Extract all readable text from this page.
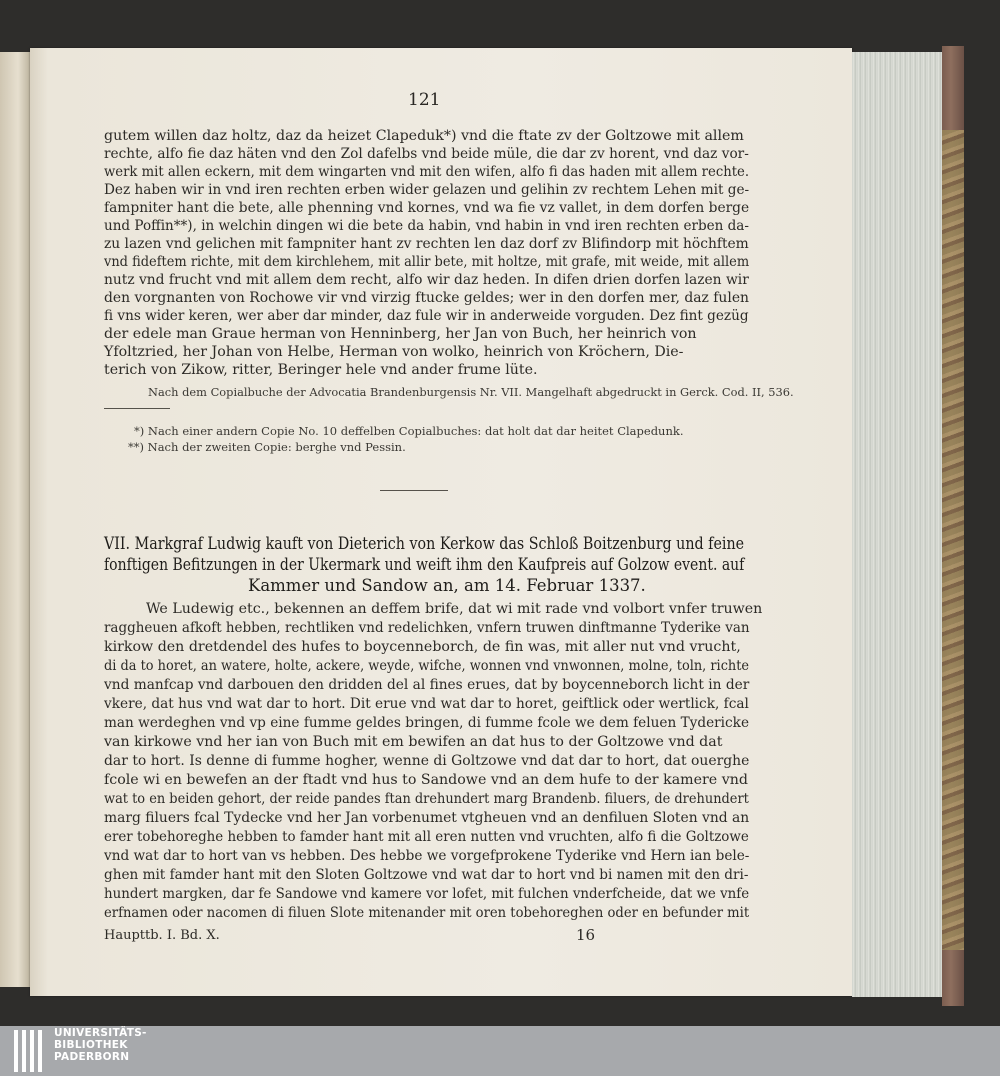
121
gutem willen daz holtz, daz da heizet Clapeduk*) vnd die ftate zv der Goltzowe mit allem
rechte, alfo fie daz häten vnd den Zol dafelbs vnd beide müle, die dar zv horent, vnd daz vor-
werk mit allen eckern, mit dem wingarten vnd mit den wifen, alfo fi das haden mit allem rechte.
Dez haben wir in vnd iren rechten erben wider gelazen und gelihin zv rechtem Lehen mit ge-
fampniter hant die bete, alle phenning vnd kornes, vnd wa fie vz vallet, in dem dorfen berge
und Poffin**), in welchin dingen wi die bete da habin, vnd habin in vnd iren rechten erben da-
zu lazen vnd gelichen mit fampniter hant zv rechten len daz dorf zv Blifindorp mit höchftem
vnd fideftem richte, mit dem kirchlehem, mit allir bete, mit holtze, mit grafe, mit weide, mit allem
nutz vnd frucht vnd mit allem dem recht, alfo wir daz heden. In difen drien dorfen lazen wir
den vorgnanten von Rochowe vir vnd virzig ftucke geldes; wer in den dorfen mer, daz fulen
fi vns wider keren, wer aber dar minder, daz fule wir in anderweide vorguden. Dez fint gezüg
der edele man Graue herman von Henninberg, her Jan von Buch, her heinrich von
Yfoltzried, her Johan von Helbe, Herman von wolko, heinrich von Kröchern, Die-
terich von Zikow, ritter, Beringer hele vnd ander frume lüte.
Nach dem Copialbuche der Advocatia Brandenburgensis Nr. VII. Mangelhaft abgedruckt in Gerck. Cod. II, 536.
*) Nach einer andern Copie No. 10 deffelben Copialbuches: dat holt dat dar heitet Clapedunk.
**) Nach der zweiten Copie: berghe vnd Pessin.
VII. Markgraf Ludwig kauft von Dieterich von Kerkow das Schloß Boitzenburg und feine
fonftigen Befitzungen in der Ukermark und weift ihm den Kaufpreis auf Golzow event. auf
Kammer und Sandow an, am 14. Februar 1337.
We Ludewig etc., bekennen an deffem brife, dat wi mit rade vnd volbort vnfer truwen
raggheuen afkoft hebben, rechtliken vnd redelichken, vnfern truwen dinftmanne Tyderike van
kirkow den dretdendel des hufes to boycenneborch, de fin was, mit aller nut vnd vrucht,
di da to horet, an watere, holte, ackere, weyde, wifche, wonnen vnd vnwonnen, molne, toln, richte
vnd manfcap vnd darbouen den dridden del al fines erues, dat by boycenneborch licht in der
vkere, dat hus vnd wat dar to hort. Dit erue vnd wat dar to horet, geiftlick oder wertlick, fcal
man werdeghen vnd vp eine fumme geldes bringen, di fumme fcole we dem feluen Tydericke
van kirkowe vnd her ian von Buch mit em bewifen an dat hus to der Goltzowe vnd dat
dar to hort. Is denne di fumme hogher, wenne di Goltzowe vnd dat dar to hort, dat ouerghe
fcole wi en bewefen an der ftadt vnd hus to Sandowe vnd an dem hufe to der kamere vnd
wat to en beiden gehort, der reide pandes ftan drehundert marg Brandenb. filuers, de drehundert
marg filuers fcal Tydecke vnd her Jan vorbenumet vtgheuen vnd an denfiluen Sloten vnd an
erer tobehoreghe hebben to famder hant mit all eren nutten vnd vruchten, alfo fi die Goltzowe
vnd wat dar to hort van vs hebben. Des hebbe we vorgefprokene Tyderike vnd Hern ian bele-
ghen mit famder hant mit den Sloten Goltzowe vnd wat dar to hort vnd bi namen mit den dri-
hundert margken, dar fe Sandowe vnd kamere vor lofet, mit fulchen vnderfcheide, dat we vnfe
erfnamen oder nacomen di filuen Slote mitenander mit oren tobehoreghen oder en befunder mit
Haupttb. I. Bd. X.	16
UNIVERSITÄTS-
BIBLIOTHEK
PADERBORN
